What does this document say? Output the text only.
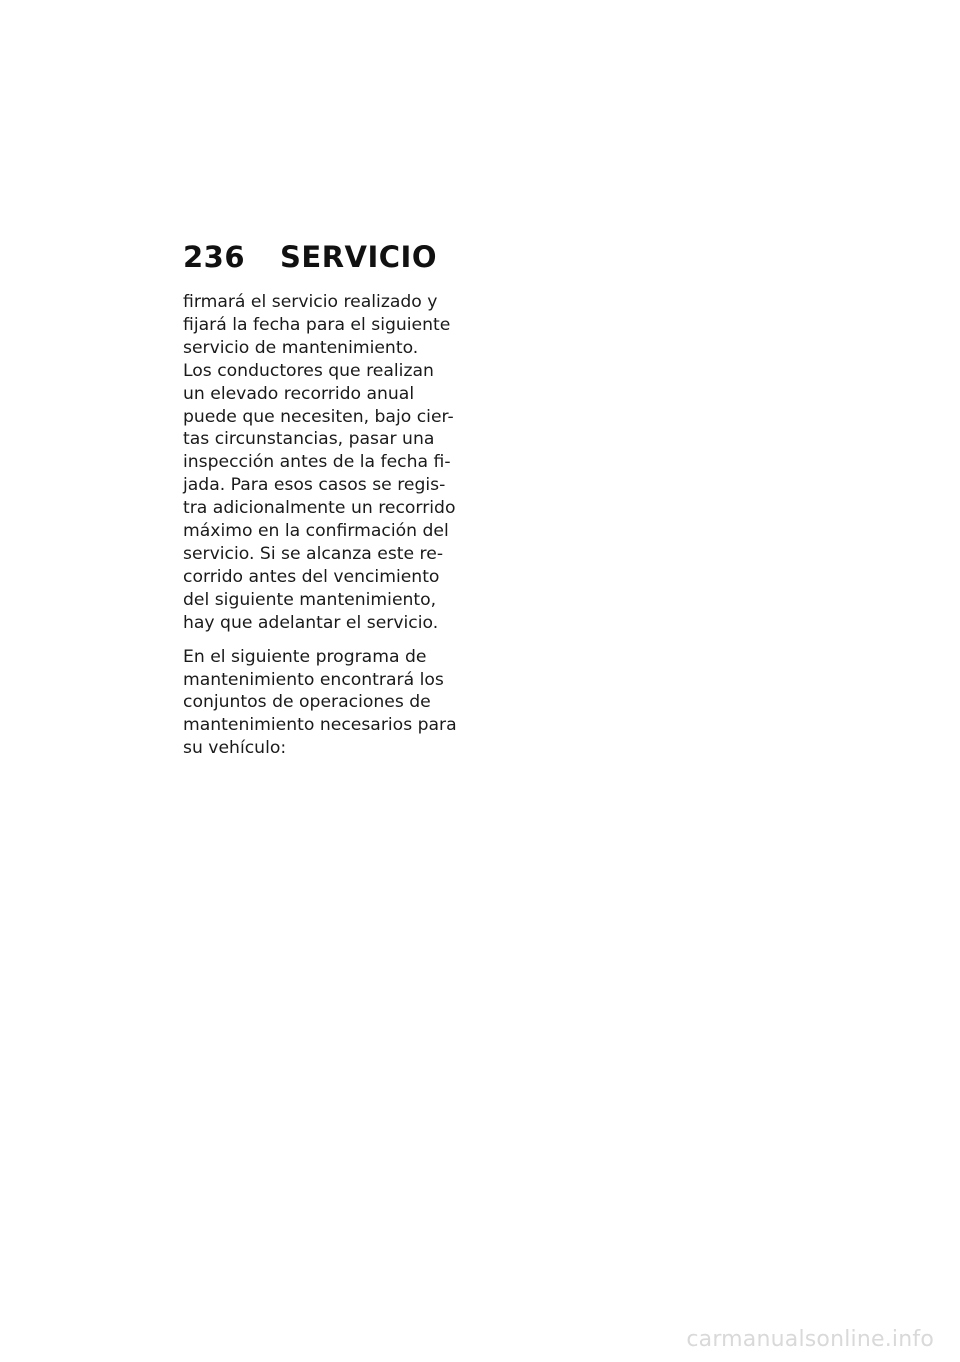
236	SERVICIO
firmará el servicio realizado y
fijará la fecha para el siguiente
servicio de mantenimiento.
Los conductores que realizan
un elevado recorrido anual
puede que necesiten, bajo cier-
tas circunstancias, pasar una
inspección antes de la fecha fi-
jada. Para esos casos se regis-
tra adicionalmente un recorrido
máximo en la confirmación del
servicio. Si se alcanza este re-
corrido antes del vencimiento
del siguiente mantenimiento,
hay que adelantar el servicio.
En el siguiente programa de
mantenimiento encontrará los
conjuntos de operaciones de
mantenimiento necesarios para
su vehículo:
carmanualsonline.info
